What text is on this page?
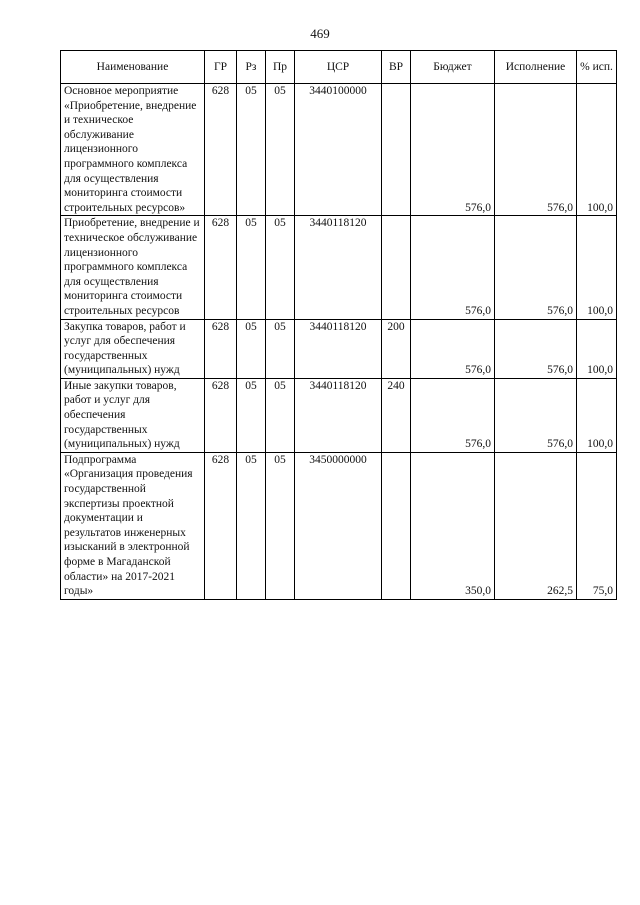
469
Наименование	ГР	Рз	Пр	ЦСР	ВР	Бюджет	Исполнение	% исп.
Основное мероприятие «Приобретение, внедрение и техническое обслуживание лицензионного программного комплекса для осуществления мониторинга стоимости строительных ресурсов»	628	05	05	3440100000		576,0	576,0	100,0
Приобретение, внедрение и техническое обслуживание лицензионного программного комплекса для осуществления мониторинга стоимости строительных ресурсов	628	05	05	3440118120		576,0	576,0	100,0
Закупка товаров, работ и услуг для обеспечения государственных (муниципальных) нужд	628	05	05	3440118120	200	576,0	576,0	100,0
Иные закупки товаров, работ и услуг для обеспечения государственных (муниципальных) нужд	628	05	05	3440118120	240	576,0	576,0	100,0
Подпрограмма «Организация проведения государственной экспертизы проектной документации и результатов инженерных изысканий в электронной форме в Магаданской области» на 2017-2021 годы»	628	05	05	3450000000		350,0	262,5	75,0
